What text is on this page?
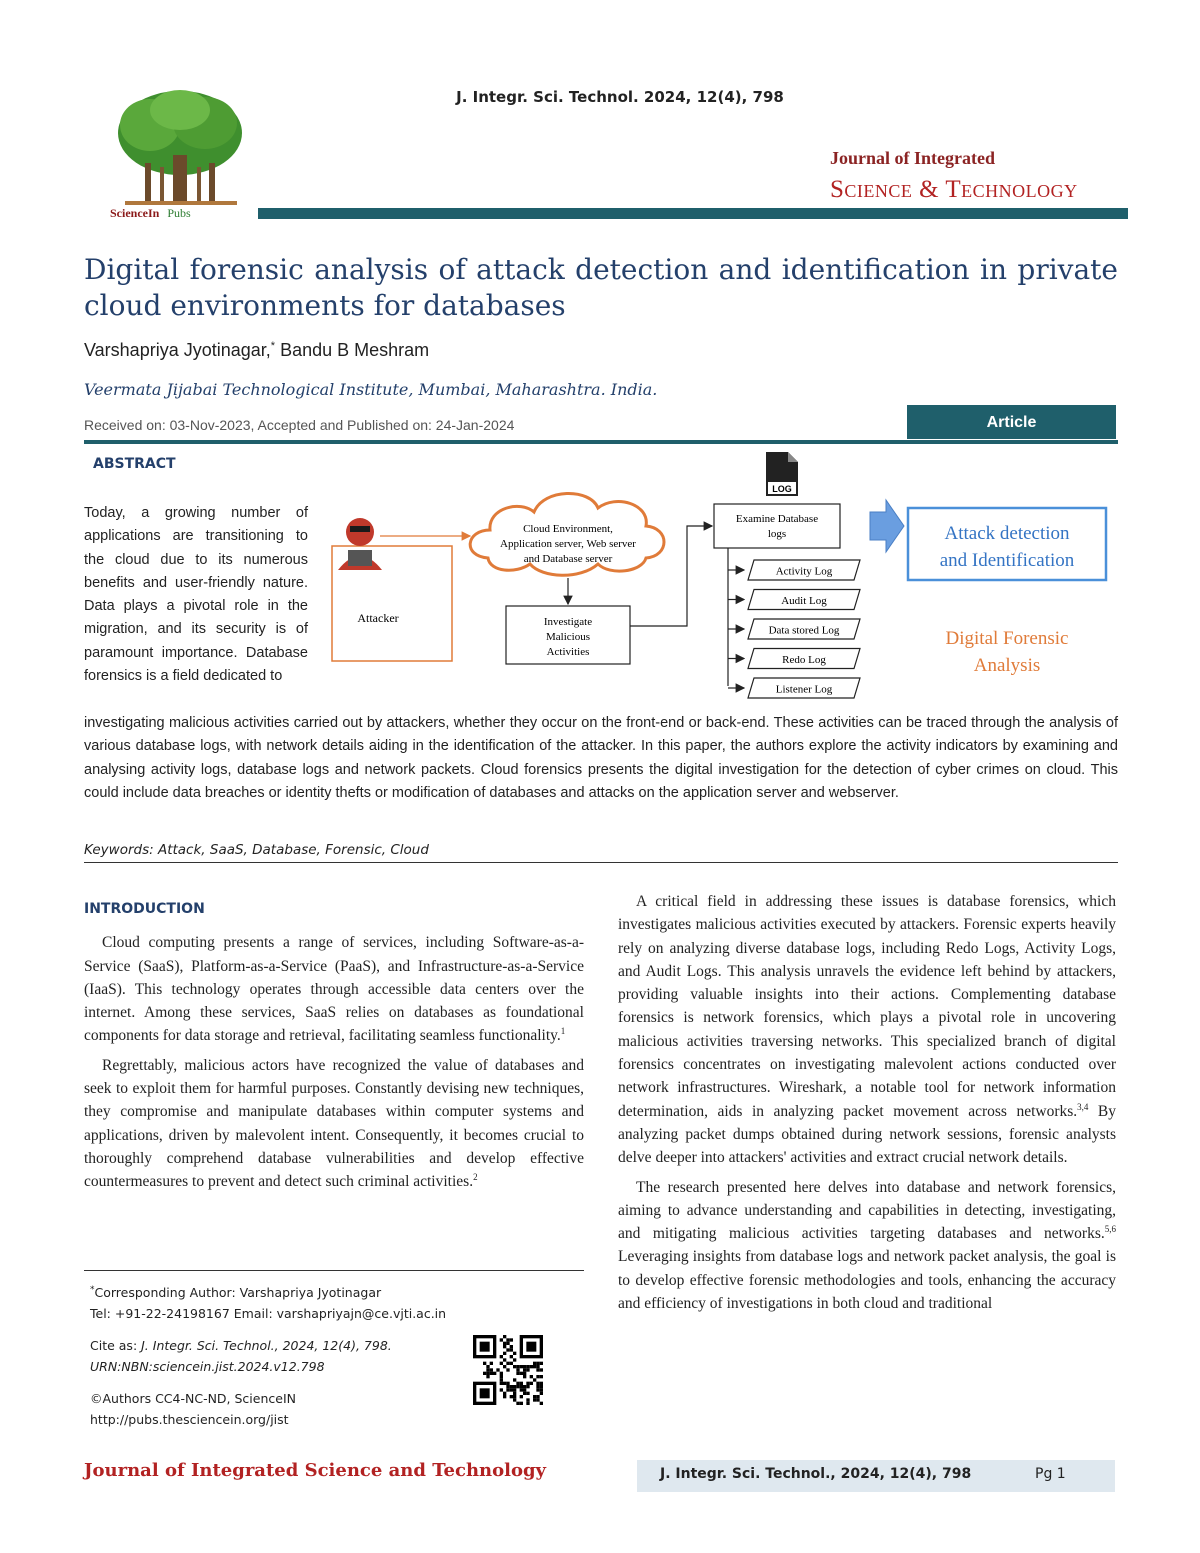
J. Integr. Sci. Technol. 2024, 12(4), 798
ScienceIn Pubs
Journal of Integrated
Science & Technology
Digital forensic analysis of attack detection and identification in private cloud environments for databases
Varshapriya Jyotinagar,* Bandu B Meshram
Veermata Jijabai Technological Institute, Mumbai, Maharashtra. India.
Received on: 03-Nov-2023, Accepted and Published on: 24-Jan-2024	Article
ABSTRACT

Today, a growing number of applications are transitioning to the cloud due to its numerous benefits and user-friendly nature. Data plays a pivotal role in the migration, and its security is of paramount importance. Database forensics is a field dedicated to

Attacker
Cloud Environment,
Application server, Web server
and Database server
Investigate
Malicious
Activities
LOG
Examine Database
logs	Attack detection
and Identification
Digital Forensic
Analysis
Activity Log
Audit Log
Data stored Log
Redo Log
Listener Log

investigating malicious activities carried out by attackers, whether they occur on the front-end or back-end. These activities can be traced through the analysis of various database logs, with network details aiding in the identification of the attacker. In this paper, the authors explore the activity indicators by examining and analysing activity logs, database logs and network packets. Cloud forensics presents the digital investigation for the detection of cyber crimes on cloud. This could include data breaches or identity thefts or modification of databases and attacks on the application server and webserver.

Keywords: Attack, SaaS, Database, Forensic, Cloud
INTRODUCTION

Cloud computing presents a range of services, including Software-as-a-Service (SaaS), Platform-as-a-Service (PaaS), and Infrastructure-as-a-Service (IaaS). This technology operates through accessible data centers over the internet. Among these services, SaaS relies on databases as foundational components for data storage and retrieval, facilitating seamless functionality.$^1$

Regrettably, malicious actors have recognized the value of databases and seek to exploit them for harmful purposes. Constantly devising new techniques, they compromise and manipulate databases within computer systems and applications, driven by malevolent intent. Consequently, it becomes crucial to thoroughly comprehend database vulnerabilities and develop effective countermeasures to prevent and detect such criminal activities.$^2$

*Corresponding Author: Varshapriya Jyotinagar
Tel: +91-22-24198167 Email: varshapriyajn@ce.vjti.ac.in
Cite as: J. Integr. Sci. Technol., 2024, 12(4), 798.
URN:NBN:sciencein.jist.2024.v12.798
©Authors CC4-NC-ND, ScienceIN
http://pubs.thesciencein.org/jist

A critical field in addressing these issues is database forensics, which investigates malicious activities executed by attackers. Forensic experts heavily rely on analyzing diverse database logs, including Redo Logs, Activity Logs, and Audit Logs. This analysis unravels the evidence left behind by attackers, providing valuable insights into their actions. Complementing database forensics is network forensics, which plays a pivotal role in uncovering malicious activities traversing networks. This specialized branch of digital forensics concentrates on investigating malevolent actions conducted over network infrastructures. Wireshark, a notable tool for network information determination, aids in analyzing packet movement across networks.$^{3,4}$ By analyzing packet dumps obtained during network sessions, forensic analysts delve deeper into attackers' activities and extract crucial network details.

The research presented here delves into database and network forensics, aiming to advance understanding and capabilities in detecting, investigating, and mitigating malicious activities targeting databases and networks.$^{5,6}$ Leveraging insights from database logs and network packet analysis, the goal is to develop effective forensic methodologies and tools, enhancing the accuracy and efficiency of investigations in both cloud and traditional

Journal of Integrated Science and Technology	J. Integr. Sci. Technol., 2024, 12(4), 798	Pg 1
